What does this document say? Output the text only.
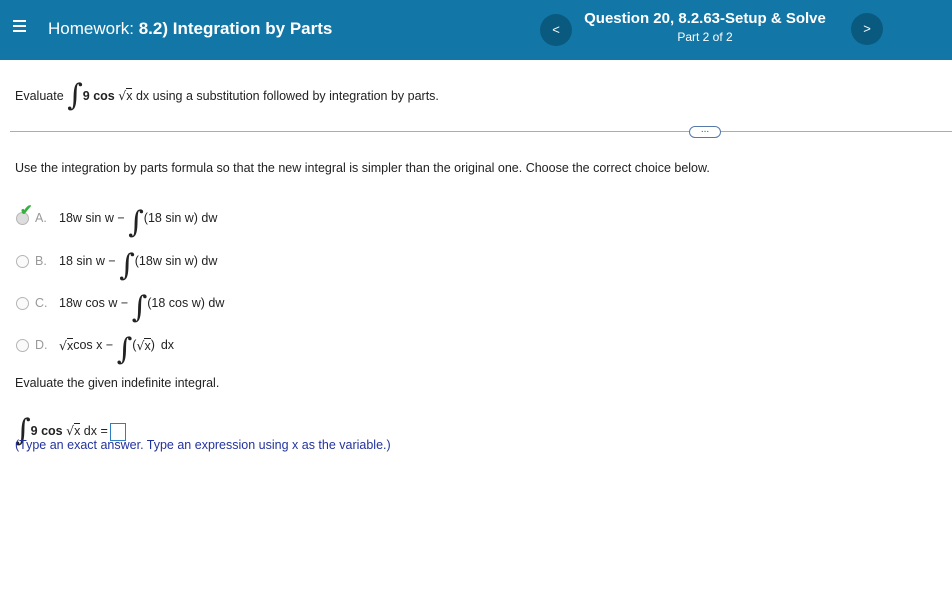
Homework: 8.2) Integration by Parts	<
Question 20, 8.2.63-Setup & Solve
Part 2 of 2
>
Evaluate ∫9 cos √x dx using a substitution followed by integration by parts.
...
Use the integration by parts formula so that the new integral is simpler than the original one. Choose the correct choice below.
✔ A. 18w sin w − ∫ (18 sin w) dw
B. 18 sin w − ∫ (18w sin w) dw
C. 18w cos w − ∫ (18 cos w) dw
D. √ x cos x − ∫ ( √ x ) dx
Evaluate the given indefinite integral.
∫9 cos √x dx =
(Type an exact answer. Type an expression using x as the variable.)
